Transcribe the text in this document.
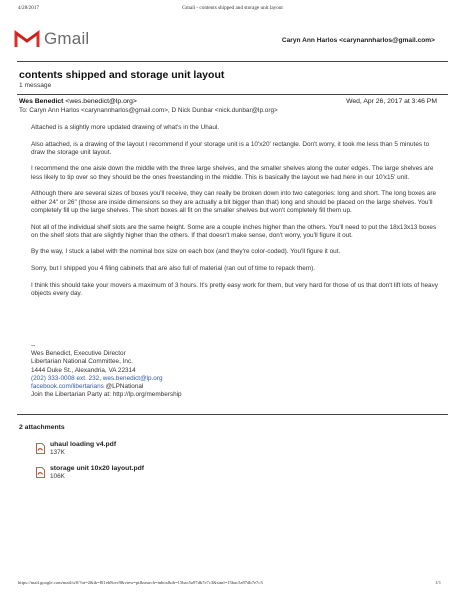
4/28/2017	Gmail - contents shipped and storage unit layout
Gmail	Caryn Ann Harlos <carynannharlos@gmail.com>
contents shipped and storage unit layout
1 message
Wes Benedict <wes.benedict@lp.org>	Wed, Apr 26, 2017 at 3:46 PM
To: Caryn Ann Harlos <carynannharlos@gmail.com>, D Nick Dunbar <nick.dunbar@lp.org>

Attached is a slightly more updated drawing of what's in the Uhaul.

Also attached, is a drawing of the layout I recommend if your storage unit is a 10'x20' rectangle. Don't worry, it took me less than 5 minutes to draw the storage unit layout.

I recommend the one aisle down the middle with the three large shelves, and the smaller shelves along the outer edges. The large shelves are less likely to tip over so they should be the ones freestanding in the middle. This is basically the layout we had here in our 10'x15' unit.

Although there are several sizes of boxes you'll receive, they can really be broken down into two categories: long and short. The long boxes are either 24" or 26" (those are inside dimensions so they are actually a bit bigger than that) long and should be placed on the large shelves. You'll completely fill up the large shelves. The short boxes all fit on the smaller shelves but won't completely fill them up.

Not all of the individual shelf slots are the same height. Some are a couple inches higher than the others. You'll need to put the 18x13x13 boxes on the shelf slots that are slightly higher than the others. If that doesn't make sense, don't worry, you'll figure it out.

By the way, I stuck a label with the nominal box size on each box (and they're color-coded). You'll figure it out.

Sorry, but I shipped you 4 filing cabinets that are also full of material (ran out of time to repack them).

I think this should take your movers a maximum of 3 hours. It's pretty easy work for them, but very hard for those of us that don't lift lots of heavy objects every day.

--
Wes Benedict, Executive Director
Libertarian National Committee, Inc.
1444 Duke St., Alexandria, VA 22314
(202) 333-0008 ext. 232, wes.benedict@lp.org
facebook.com/libertarians @LPNational
Join the Libertarian Party at: http://lp.org/membership
2 attachments
uhaul loading v4.pdf
137K
storage unit 10x20 layout.pdf
106K
https://mail.google.com/mail/u/0/?ui=2&ik=8f1eb8cec9&view=pt&search=inbox&th=15bac5a97db7e7c3&siml=15bac5a97db7e7c3	1/1
